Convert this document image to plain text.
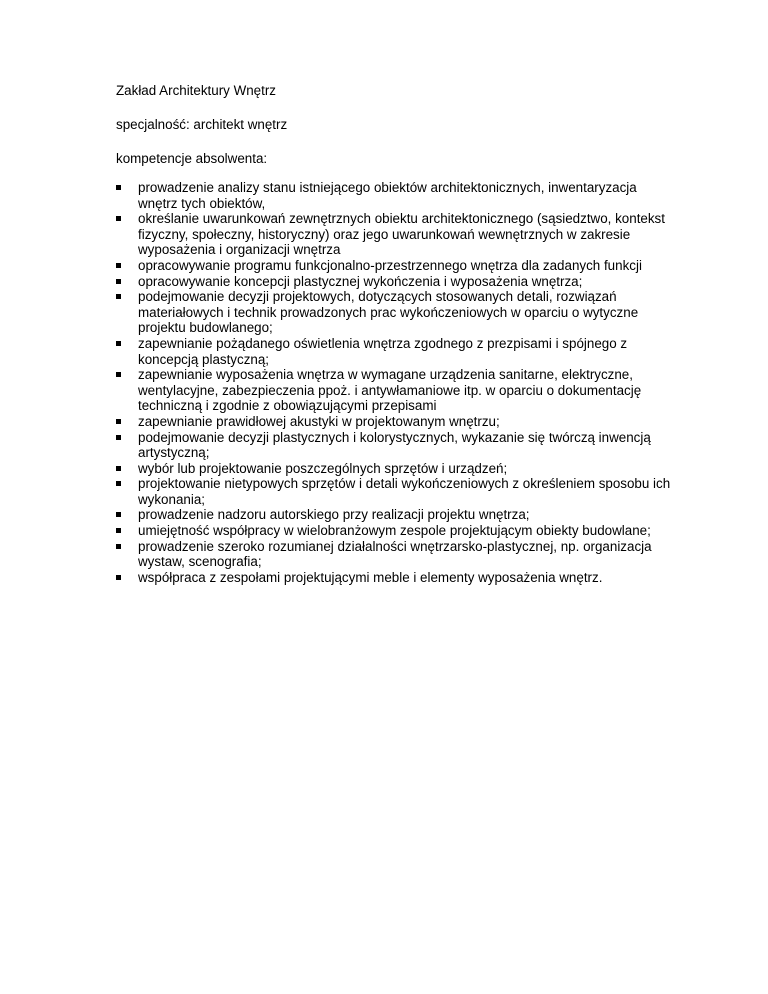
Zakład Architektury Wnętrz

specjalność: architekt wnętrz

kompetencje absolwenta:

prowadzenie analizy stanu istniejącego obiektów architektonicznych, inwentaryzacja wnętrz tych obiektów,
określanie uwarunkowań zewnętrznych obiektu architektonicznego (sąsiedztwo, kontekst fizyczny, społeczny, historyczny) oraz jego uwarunkowań wewnętrznych w zakresie wyposażenia i organizacji wnętrza
opracowywanie programu funkcjonalno-przestrzennego wnętrza dla zadanych funkcji
opracowywanie koncepcji plastycznej wykończenia i wyposażenia wnętrza;
podejmowanie decyzji projektowych, dotyczących stosowanych detali, rozwiązań materiałowych i technik prowadzonych prac wykończeniowych w oparciu o wytyczne projektu budowlanego;
zapewnianie pożądanego oświetlenia wnętrza zgodnego z prezpisami i spójnego z koncepcją plastyczną;
zapewnianie wyposażenia wnętrza w wymagane urządzenia sanitarne, elektryczne, wentylacyjne, zabezpieczenia ppoż. i antywłamaniowe itp. w oparciu o dokumentację techniczną i zgodnie z obowiązującymi przepisami
zapewnianie prawidłowej akustyki w projektowanym wnętrzu;
podejmowanie decyzji plastycznych i kolorystycznych, wykazanie się twórczą inwencją artystyczną;
wybór lub projektowanie poszczególnych sprzętów i urządzeń;
projektowanie nietypowych sprzętów i detali wykończeniowych z określeniem sposobu ich wykonania;
prowadzenie nadzoru autorskiego przy realizacji projektu wnętrza;
umiejętność współpracy w wielobranżowym zespole projektującym obiekty budowlane;
prowadzenie szeroko rozumianej działalności wnętrzarsko-plastycznej, np. organizacja wystaw, scenografia;
współpraca z zespołami projektującymi meble i elementy wyposażenia wnętrz.
